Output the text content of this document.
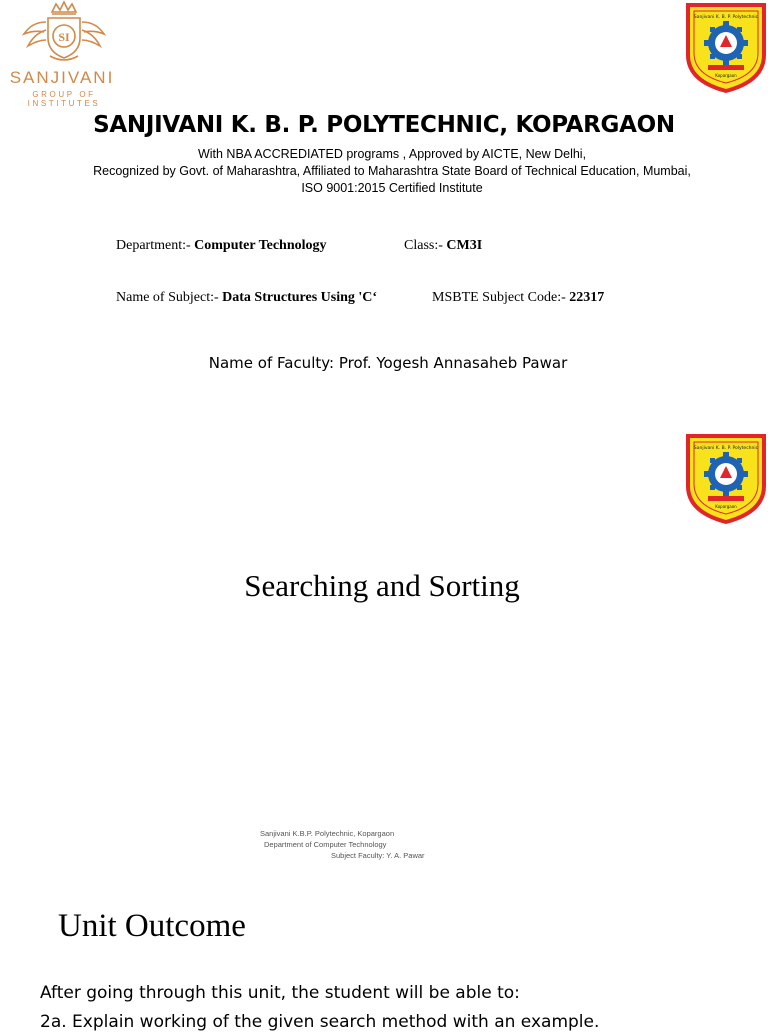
SI
SANJIVANI
GROUP OF INSTITUTES
Sanjivani K. B. P. Polytechnic
Kopargaon
SANJIVANI K. B. P. POLYTECHNIC, KOPARGAON
With NBA ACCREDIATED programs , Approved by AICTE, New Delhi,
Recognized by Govt. of Maharashtra, Affiliated to Maharashtra State Board of Technical Education, Mumbai,
ISO 9001:2015 Certified Institute
Department:- Computer Technology	Class:- CM3I
Name of Subject:- Data Structures Using 'C‘	MSBTE Subject Code:- 22317
Name of Faculty: Prof. Yogesh Annasaheb Pawar
Sanjivani K. B. P. Polytechnic
Kopargaon
Searching and Sorting
Sanjivani K.B.P. Polytechnic, Kopargaon
Department of Computer Technology
Subject Faculty: Y. A. Pawar
Unit Outcome
After going through this unit, the student will be able to:
2a. Explain working of the given search method with an example.
